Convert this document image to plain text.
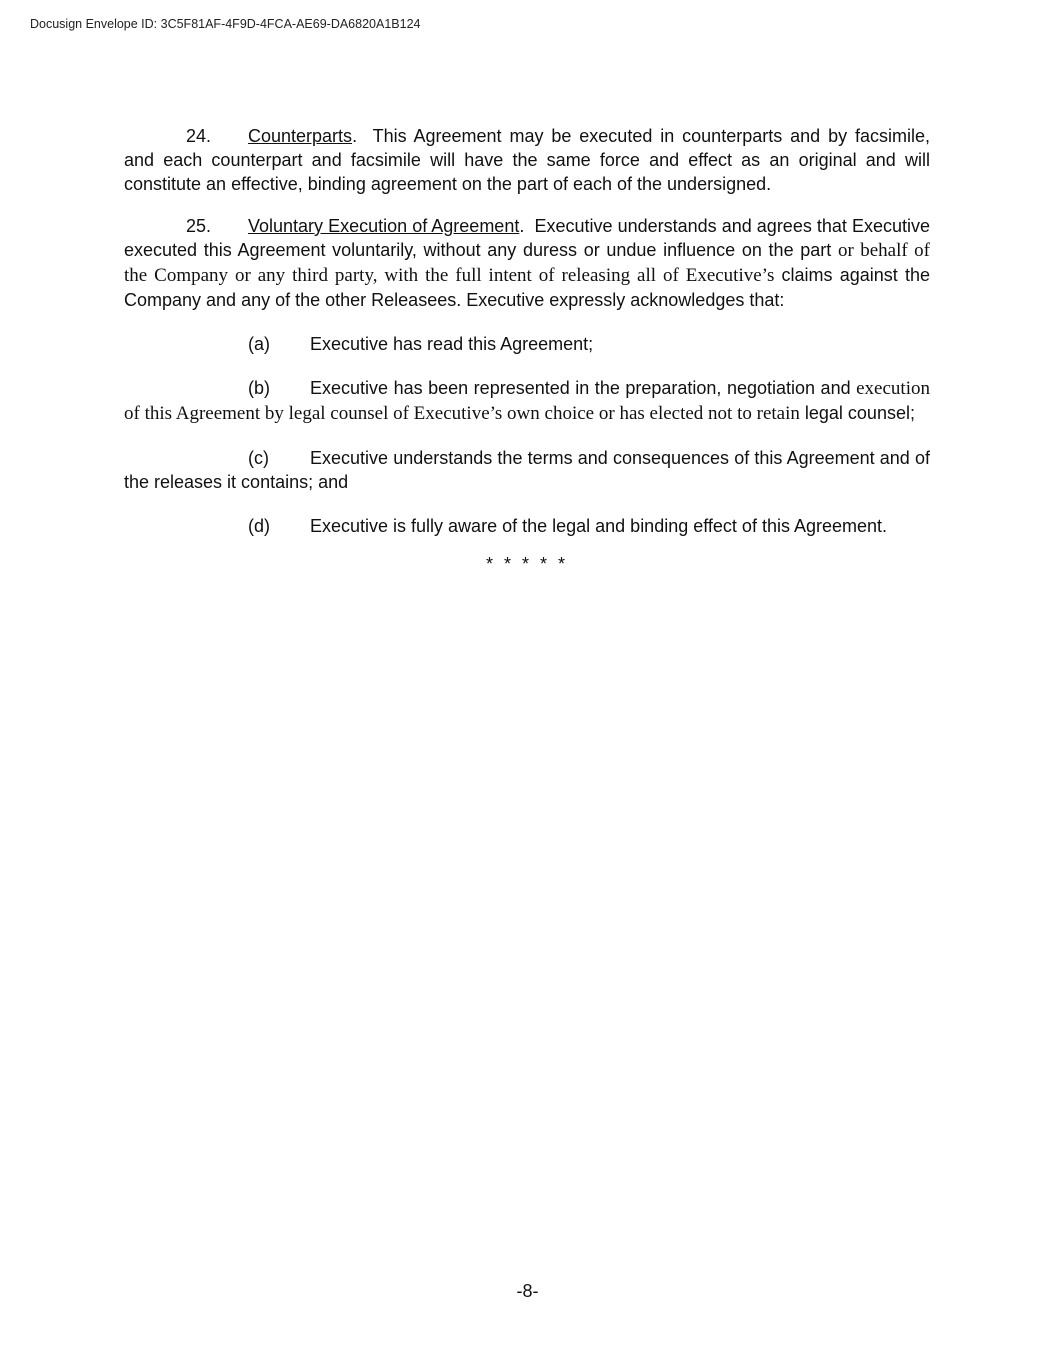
Docusign Envelope ID: 3C5F81AF-4F9D-4FCA-AE69-DA6820A1B124

24. Counterparts. This Agreement may be executed in counterparts and by facsimile, and each counterpart and facsimile will have the same force and effect as an original and will constitute an effective, binding agreement on the part of each of the undersigned.

25. Voluntary Execution of Agreement. Executive understands and agrees that Executive executed this Agreement voluntarily, without any duress or undue influence on the part or behalf of the Company or any third party, with the full intent of releasing all of Executive’s claims against the Company and any of the other Releasees. Executive expressly acknowledges that:

(a) Executive has read this Agreement;

(b) Executive has been represented in the preparation, negotiation and execution of this Agreement by legal counsel of Executive’s own choice or has elected not to retain legal counsel;

(c) Executive understands the terms and consequences of this Agreement and of the releases it contains; and

(d) Executive is fully aware of the legal and binding effect of this Agreement.

* * * * *

-8-
